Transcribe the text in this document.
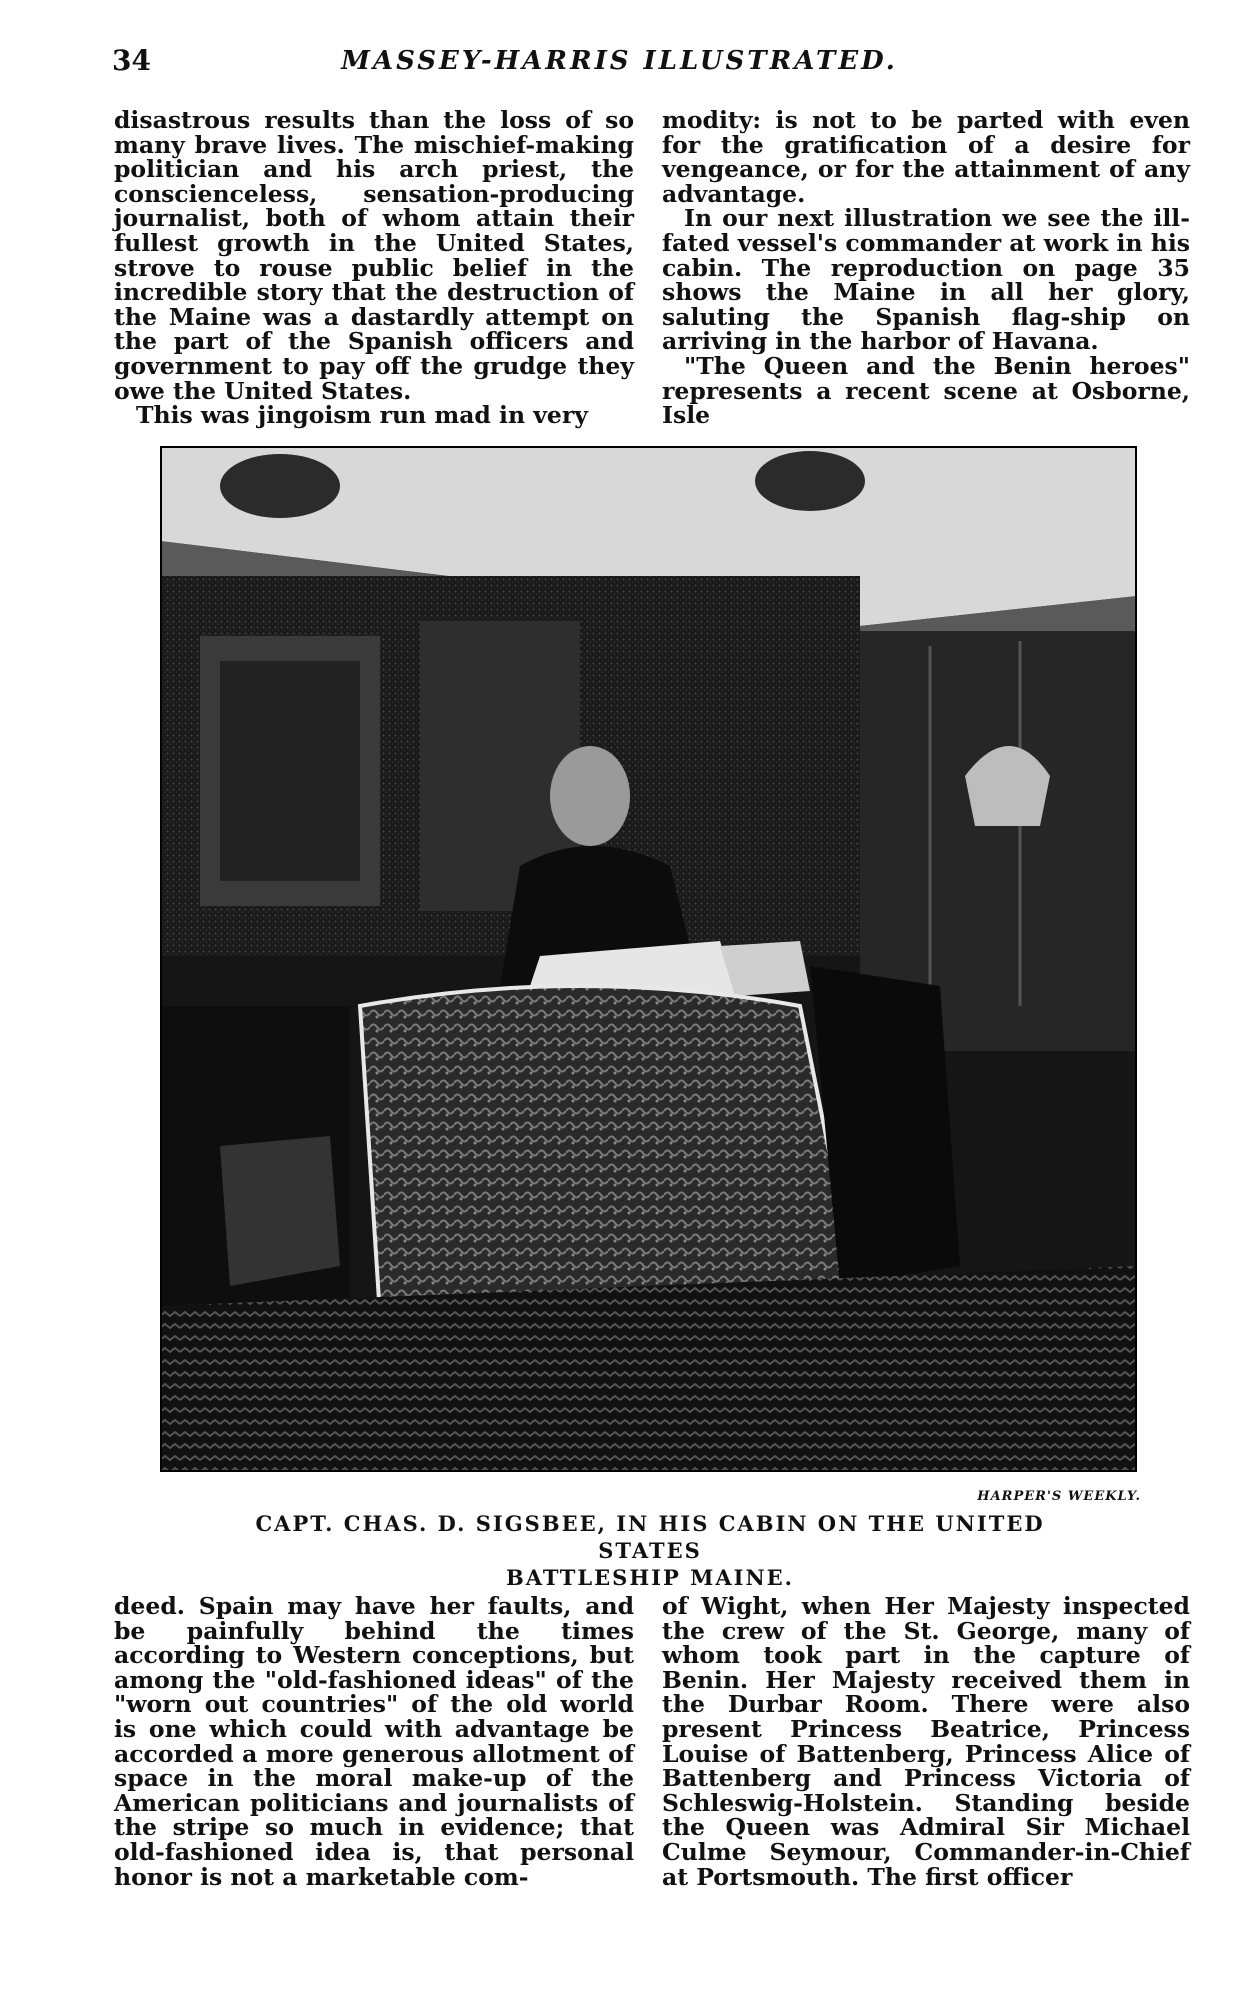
34	MASSEY-HARRIS ILLUSTRATED.

disastrous results than the loss of so many brave lives. The mischief-making politician and his arch priest, the conscienceless, sensation-producing journalist, both of whom attain their fullest growth in the United States, strove to rouse public belief in the incredible story that the destruction of the Maine was a dastardly attempt on the part of the Spanish officers and government to pay off the grudge they owe the United States.

This was jingoism run mad in very

modity: is not to be parted with even for the gratification of a desire for vengeance, or for the attainment of any advantage.

In our next illustration we see the ill-fated vessel's commander at work in his cabin. The reproduction on page 35 shows the Maine in all her glory, saluting the Spanish flag-ship on arriving in the harbor of Havana.

"The Queen and the Benin heroes" represents a recent scene at Osborne, Isle

HARPER'S WEEKLY.
CAPT. CHAS. D. SIGSBEE, IN HIS CABIN ON THE UNITED STATES
BATTLESHIP MAINE.

deed. Spain may have her faults, and be painfully behind the times according to Western conceptions, but among the "old-fashioned ideas" of the "worn out countries" of the old world is one which could with advantage be accorded a more generous allotment of space in the moral make-up of the American politicians and journalists of the stripe so much in evidence; that old-fashioned idea is, that personal honor is not a marketable com-

of Wight, when Her Majesty inspected the crew of the St. George, many of whom took part in the capture of Benin. Her Majesty received them in the Durbar Room. There were also present Princess Beatrice, Princess Louise of Battenberg, Princess Alice of Battenberg and Princess Victoria of Schleswig-Holstein. Standing beside the Queen was Admiral Sir Michael Culme Seymour, Commander-in-Chief at Portsmouth. The first officer
